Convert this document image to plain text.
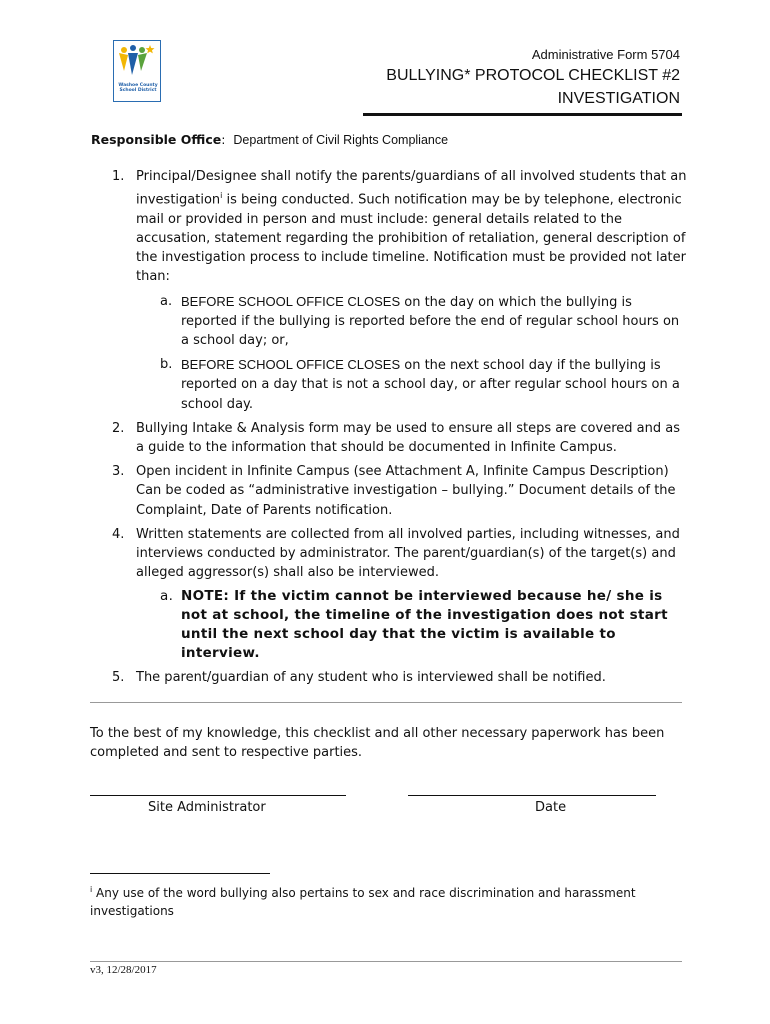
Washoe County School District
Administrative Form 5704
BULLYING* PROTOCOL CHECKLIST #2
INVESTIGATION
Responsible Office: Department of Civil Rights Compliance
1. Principal/Designee shall notify the parents/guardians of all involved students that an investigation$^i$ is being conducted. Such notification may be by telephone, electronic mail or provided in person and must include: general details related to the accusation, statement regarding the prohibition of retaliation, general description of the investigation process to include timeline. Notification must be provided not later than:
a. BEFORE SCHOOL OFFICE CLOSES on the day on which the bullying is reported if the bullying is reported before the end of regular school hours on a school day; or,
b. BEFORE SCHOOL OFFICE CLOSES on the next school day if the bullying is reported on a day that is not a school day, or after regular school hours on a school day.
2. Bullying Intake & Analysis form may be used to ensure all steps are covered and as a guide to the information that should be documented in Infinite Campus.
3. Open incident in Infinite Campus (see Attachment A, Infinite Campus Description) Can be coded as “administrative investigation – bullying.” Document details of the Complaint, Date of Parents notification.
4. Written statements are collected from all involved parties, including witnesses, and interviews conducted by administrator. The parent/guardian(s) of the target(s) and alleged aggressor(s) shall also be interviewed.
a. NOTE: If the victim cannot be interviewed because he/ she is not at school, the timeline of the investigation does not start until the next school day that the victim is available to interview.
5. The parent/guardian of any student who is interviewed shall be notified.
To the best of my knowledge, this checklist and all other necessary paperwork has been completed and sent to respective parties.
Site Administrator	Date
$^i$ Any use of the word bullying also pertains to sex and race discrimination and harassment investigations
v3, 12/28/2017
